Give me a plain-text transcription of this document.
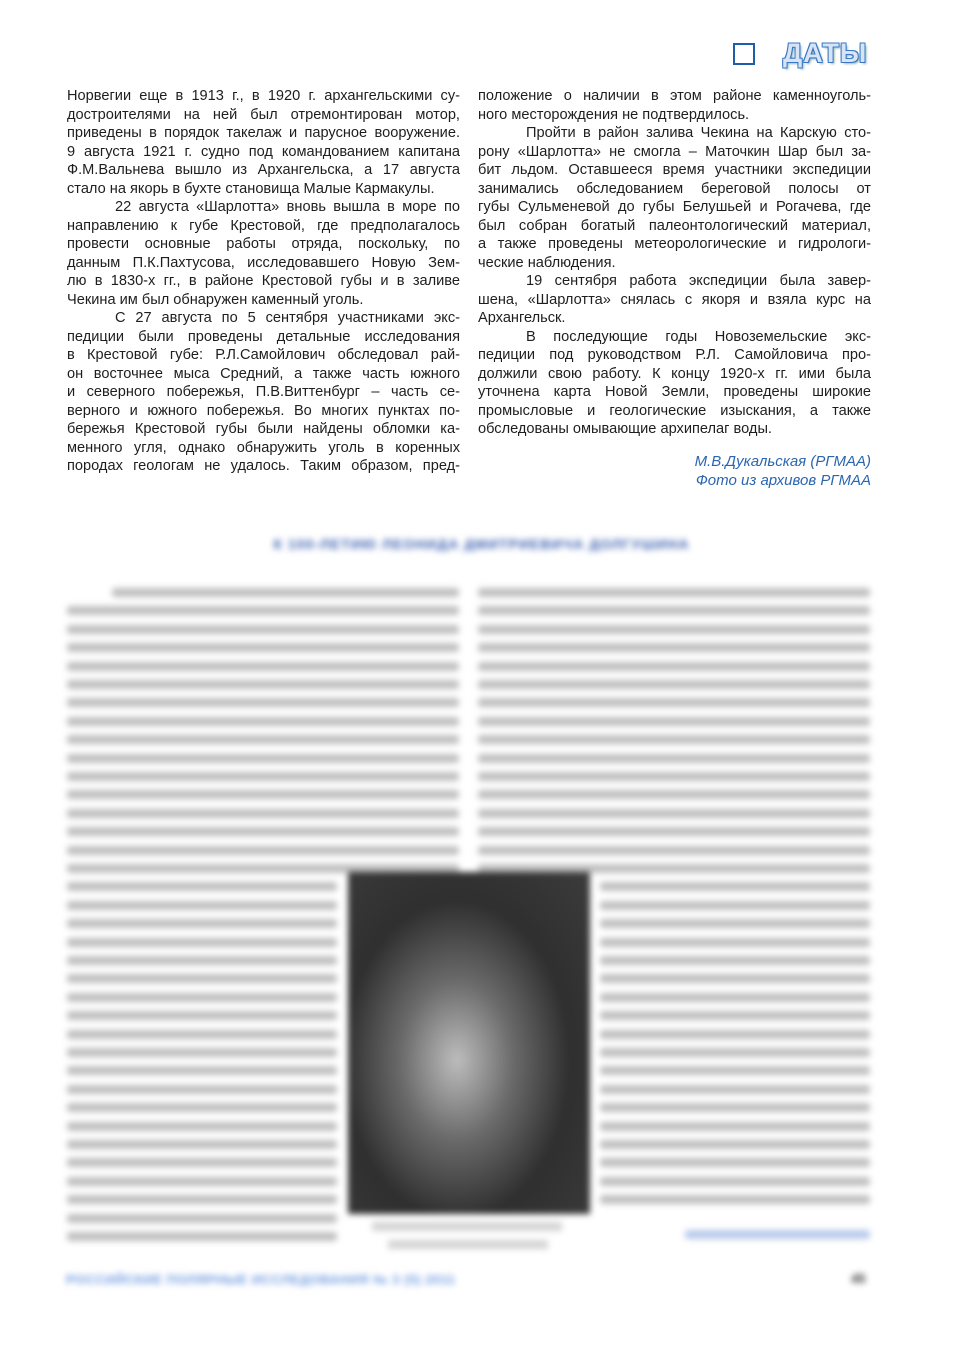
ДАТЫ
Норвегии еще в 1913 г., в 1920 г. архангельскими су-
достроителями на ней был отремонтирован мотор,
приведены в порядок такелаж и парусное вооружение.
9 августа 1921 г. судно под командованием капитана
Ф.М.Вальнева вышло из Архангельска, а 17 августа
стало на якорь в бухте становища Малые Кармакулы.
22 августа «Шарлотта» вновь вышла в море по
направлению к губе Крестовой, где предполагалось
провести основные работы отряда, поскольку, по
данным П.К.Пахтусова, исследовавшего Новую Зем-
лю в 1830-х гг., в районе Крестовой губы и в заливе
Чекина им был обнаружен каменный уголь.
С 27 августа по 5 сентября участниками экс-
педиции были проведены детальные исследования
в Крестовой губе: Р.Л.Самойлович обследовал рай-
он восточнее мыса Средний, а также часть южного
и северного побережья, П.В.Виттенбург – часть се-
верного и южного побережья. Во многих пунктах по-
бережья Крестовой губы были найдены обломки ка-
менного угля, однако обнаружить уголь в коренных
породах геологам не удалось. Таким образом, пред-
положение о наличии в этом районе каменноуголь-
ного месторождения не подтвердилось.
Пройти в район залива Чекина на Карскую сто-
рону «Шарлотта» не смогла – Маточкин Шар был за-
бит льдом. Оставшееся время участники экспедиции
занимались обследованием береговой полосы от
губы Сульменевой до губы Белушьей и Рогачева, где
был собран богатый палеонтологический материал,
а также проведены метеорологические и гидрологи-
ческие наблюдения.
19 сентября работа экспедиции была завер-
шена, «Шарлотта» снялась с якоря и взяла курс на
Архангельск.
В последующие годы Новоземельские экс-
педиции под руководством Р.Л. Самойловича про-
должили свою работу. К концу 1920-х гг. ими была
уточнена карта Новой Земли, проведены широкие
промысловые и геологические изыскания, а также
обследованы омывающие архипелаг воды.
М.В.Дукальская (РГМАА)
Фото из архивов РГМАА
К 100-ЛЕТИЮ ЛЕОНИДА ДМИТРИЕВИЧА ДОЛГУШИНА
РОССИЙСКИЕ ПОЛЯРНЫЕ ИССЛЕДОВАНИЯ № 3 (5) 2011	45
